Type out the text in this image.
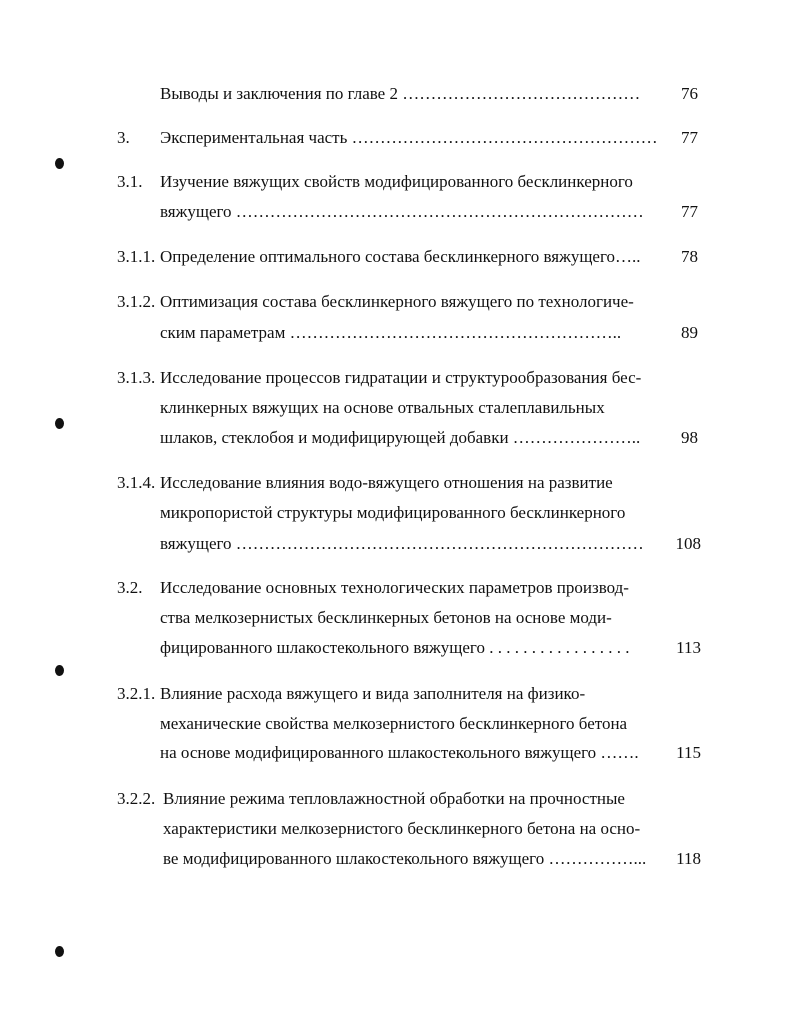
Выводы и заключения по главе 2 ……………………………………	76
3. Экспериментальная часть ………………………………………………	77
3.1. Изучение вяжущих свойств модифицированного бесклинкерного
вяжущего ………………………………………………………………	77
3.1.1. Определение оптимального состава бесклинкерного вяжущего…..	78
3.1.2. Оптимизация состава бесклинкерного вяжущего по технологиче-
ским параметрам …………………………………………………..	89
3.1.3. Исследование процессов гидратации и структурообразования бес-
клинкерных вяжущих на основе отвальных сталеплавильных
шлаков, стеклобоя и модифицирующей добавки …………………..	98
3.1.4. Исследование влияния водо-вяжущего отношения на развитие
микропористой структуры модифицированного бесклинкерного
вяжущего ………………………………………………………………	108
3.2. Исследование основных технологических параметров производ-
ства мелкозернистых бесклинкерных бетонов на основе моди-
фицированного шлакостекольного вяжущего . . . . . . . . . . . . . . . . .	113
3.2.1. Влияние расхода вяжущего и вида заполнителя на физико-
механические свойства мелкозернистого бесклинкерного бетона
на основе модифицированного шлакостекольного вяжущего …….	115
3.2.2. Влияние режима тепловлажностной обработки на прочностные
характеристики мелкозернистого бесклинкерного бетона на осно-
ве модифицированного шлакостекольного вяжущего ……………...	118
